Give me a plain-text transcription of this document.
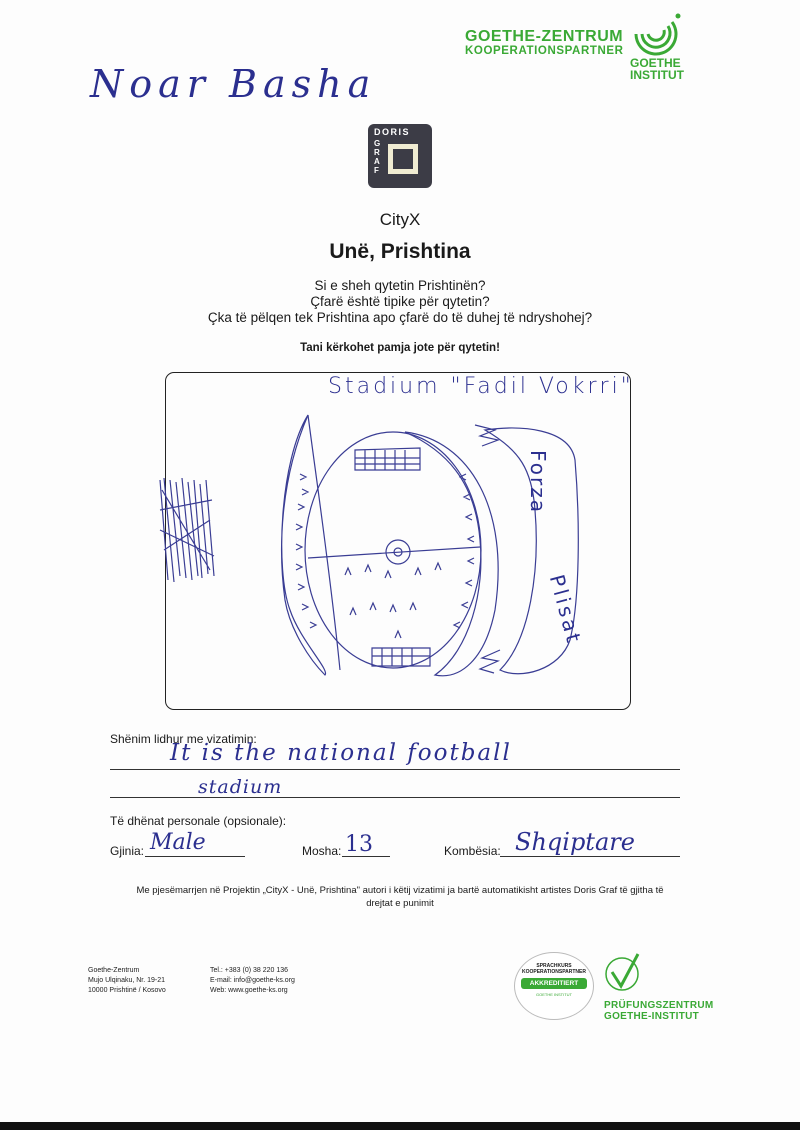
GOETHE-ZENTRUM
KOOPERATIONSPARTNER
GOETHE
INSTITUT
Noar Basha
DORIS
G
R
A
F
CityX
Unë, Prishtina
Si e sheh qytetin Prishtinën?
Çfarë është tipike për qytetin?
Çka të pëlqen tek Prishtina apo çfarë do të duhej të ndryshohej?
Tani kërkohet pamja jote për qytetin!
Stadium "Fadil Vokrri"
Forza
Plisat
Shënim lidhur me vizatimin:
It is the national football
stadium
Të dhënat personale (opsionale):
Gjinia: Male	Mosha: 13	Kombësia: Shqiptare
Me pjesëmarrjen në Projektin „CityX - Unë, Prishtina" autori i këtij vizatimi ja bartë automatikisht artistes Doris Graf të gjitha të
drejtat e punimit
Goethe-Zentrum
Mujo Ulqinaku, Nr. 19-21
10000 Prishtinë / Kosovo
Tel.: +383 (0) 38 220 136
E-mail: info@goethe-ks.org
Web: www.goethe-ks.org
SPRACHKURS
KOOPERATIONSPARTNER
AKKREDITIERT
GOETHE INSTITUT
PRÜFUNGSZENTRUM
GOETHE-INSTITUT
